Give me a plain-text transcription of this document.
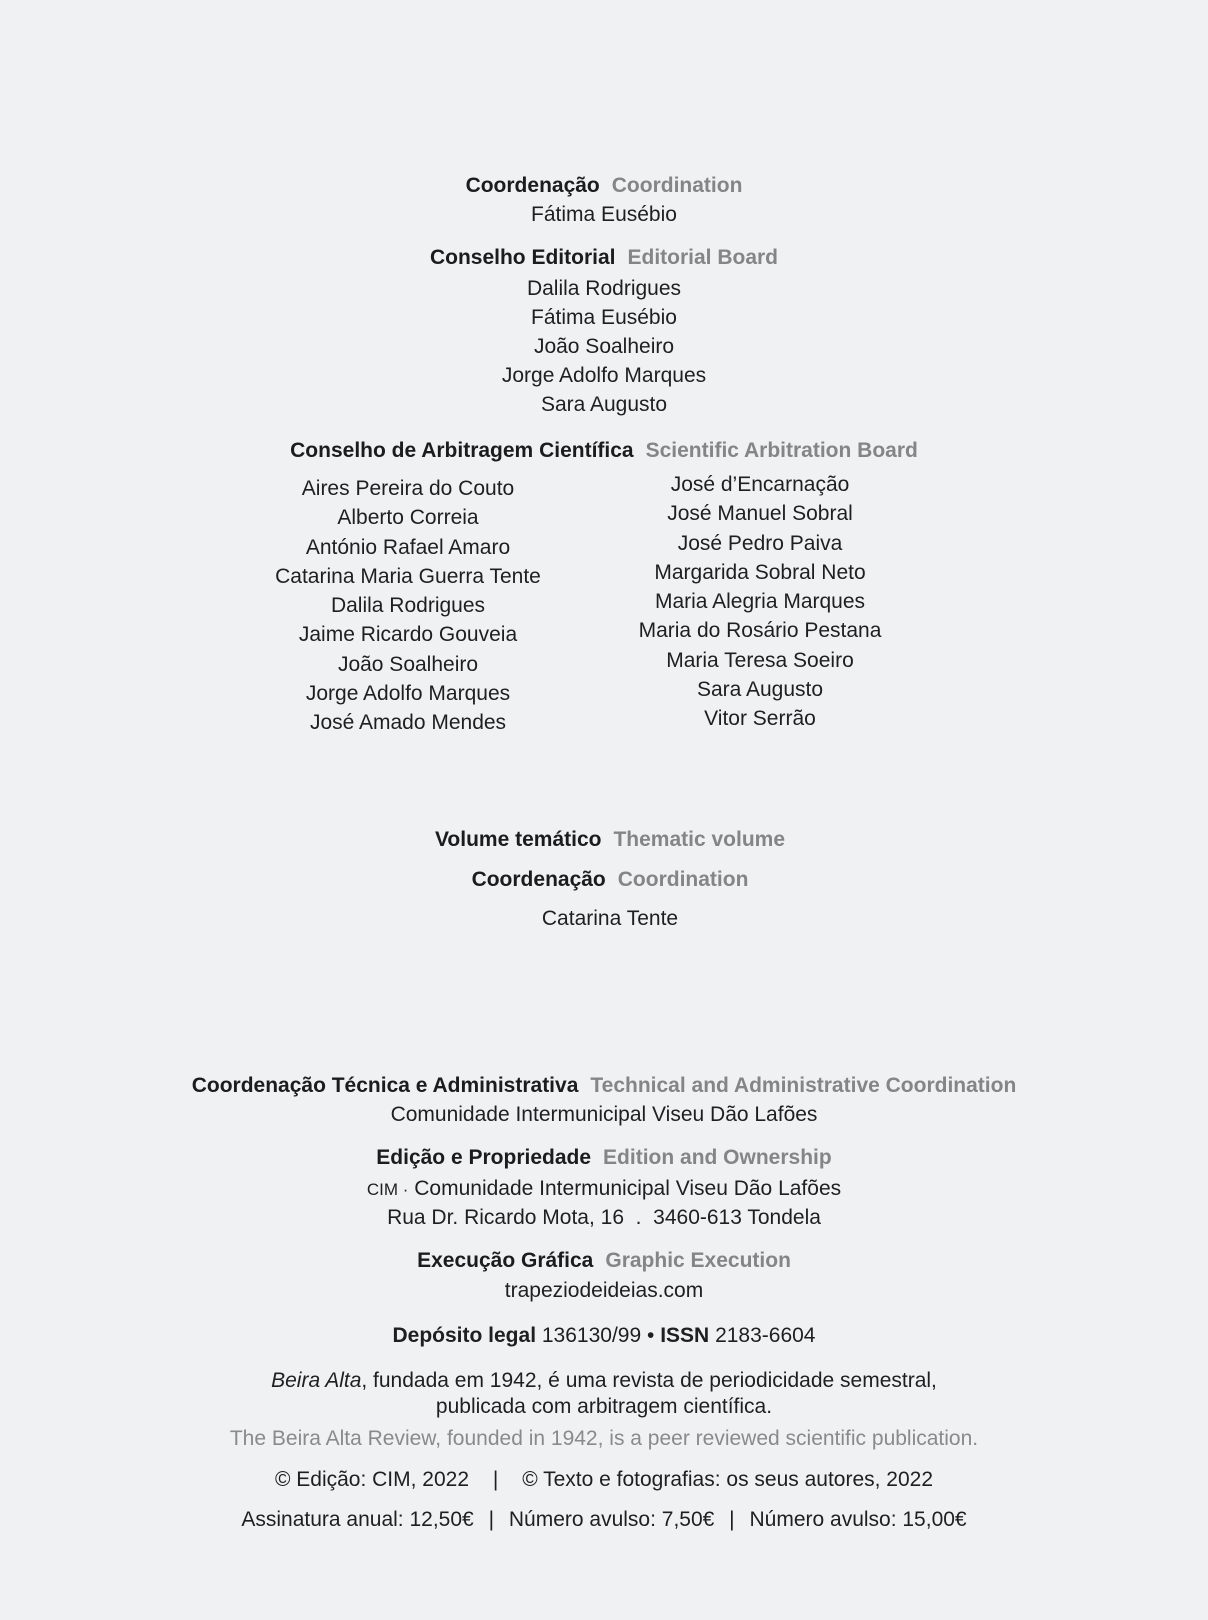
Coordenação Coordination
Fátima Eusébio
Conselho Editorial Editorial Board
Dalila Rodrigues
Fátima Eusébio
João Soalheiro
Jorge Adolfo Marques
Sara Augusto
Conselho de Arbitragem Científica Scientific Arbitration Board
Aires Pereira do Couto
Alberto Correia
António Rafael Amaro
Catarina Maria Guerra Tente
Dalila Rodrigues
Jaime Ricardo Gouveia
João Soalheiro
Jorge Adolfo Marques
José Amado Mendes
José d’Encarnação
José Manuel Sobral
José Pedro Paiva
Margarida Sobral Neto
Maria Alegria Marques
Maria do Rosário Pestana
Maria Teresa Soeiro
Sara Augusto
Vitor Serrão
Volume temático Thematic volume
Coordenação Coordination
Catarina Tente
Coordenação Técnica e Administrativa Technical and Administrative Coordination
Comunidade Intermunicipal Viseu Dão Lafões
Edição e Propriedade Edition and Ownership
CIM · Comunidade Intermunicipal Viseu Dão Lafões
Rua Dr. Ricardo Mota, 16  .  3460-613 Tondela
Execução Gráfica Graphic Execution
trapeziodeideias.com
Depósito legal 136130/99 • ISSN 2183-6604
Beira Alta, fundada em 1942, é uma revista de periodicidade semestral,
publicada com arbitragem científica.
The Beira Alta Review, founded in 1942, is a peer reviewed scientific publication.
© Edição: CIM, 2022 | © Texto e fotografias: os seus autores, 2022
Assinatura anual: 12,50€ | Número avulso: 7,50€ | Número avulso: 15,00€
